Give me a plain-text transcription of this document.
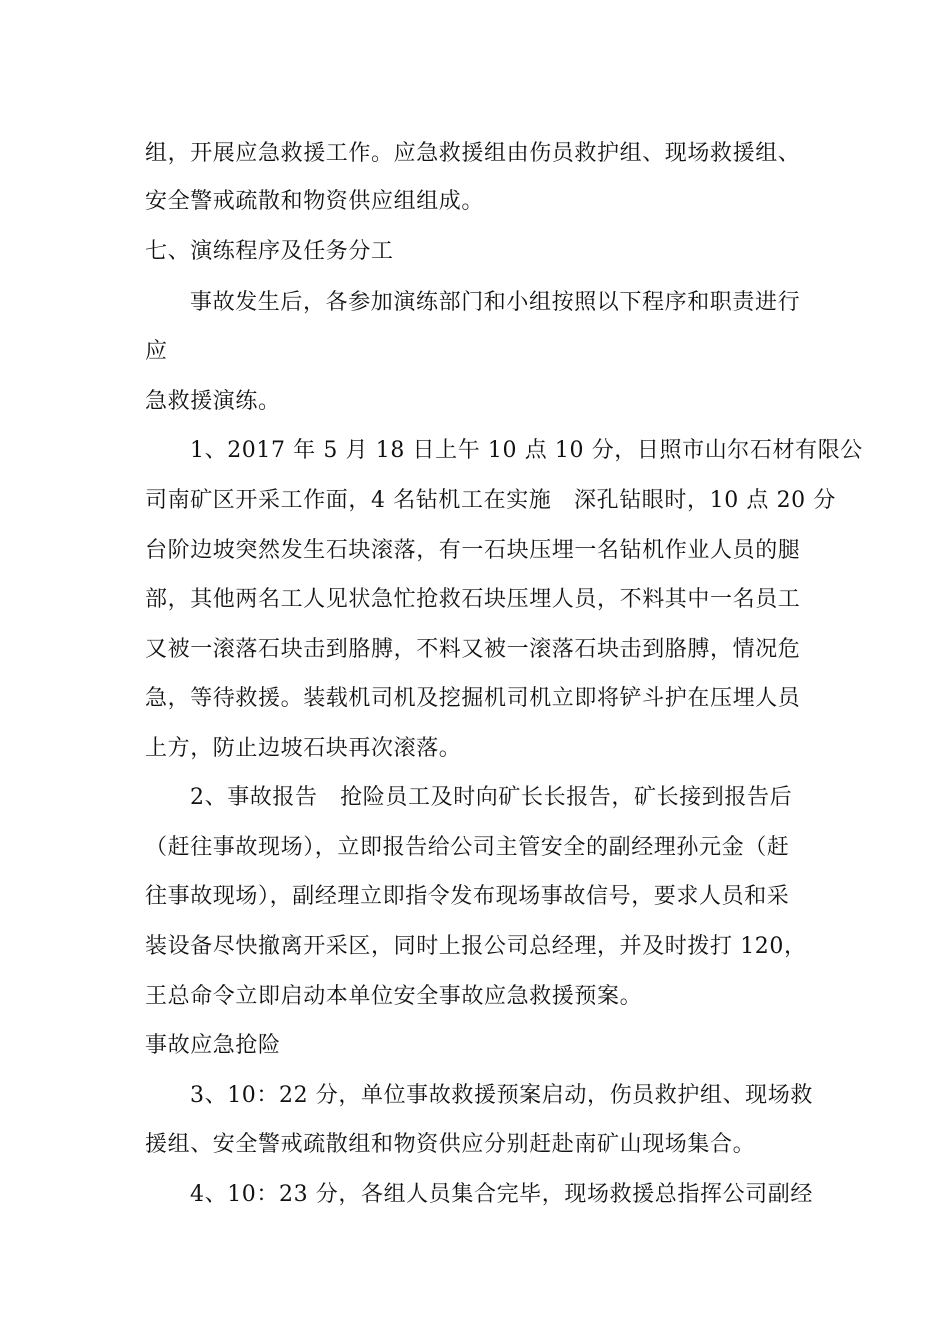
组，开展应急救援工作。应急救援组由伤员救护组、现场救援组、
安全警戒疏散和物资供应组组成。
七、演练程序及任务分工
事故发生后，各参加演练部门和小组按照以下程序和职责进行
应
急救援演练。
1、2017 年 5 月 18 日上午 10 点 10 分，日照市山尔石材有限公
司南矿区开采工作面，4 名钻机工在实施　深孔钻眼时，10 点 20 分
台阶边坡突然发生石块滚落，有一石块压埋一名钻机作业人员的腿
部，其他两名工人见状急忙抢救石块压埋人员，不料其中一名员工
又被一滚落石块击到胳膊，不料又被一滚落石块击到胳膊，情况危
急，等待救援。装载机司机及挖掘机司机立即将铲斗护在压埋人员
上方，防止边坡石块再次滚落。
2、事故报告　抢险员工及时向矿长长报告，矿长接到报告后
（赶往事故现场），立即报告给公司主管安全的副经理孙元金（赶
往事故现场），副经理立即指令发布现场事故信号，要求人员和采
装设备尽快撤离开采区，同时上报公司总经理，并及时拨打 120，
王总命令立即启动本单位安全事故应急救援预案。
事故应急抢险
3、10：22 分，单位事故救援预案启动，伤员救护组、现场救
援组、安全警戒疏散组和物资供应分别赶赴南矿山现场集合。
4、10：23 分，各组人员集合完毕，现场救援总指挥公司副经
